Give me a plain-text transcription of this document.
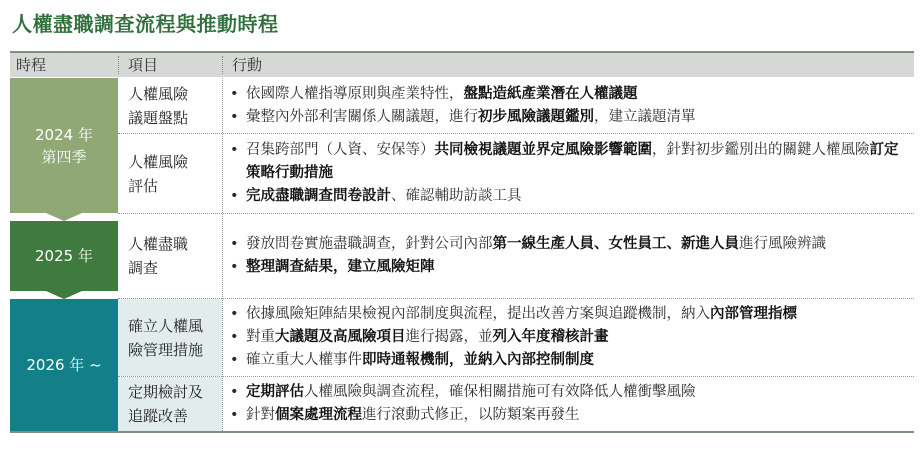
人權盡職調查流程與推動時程
時程	項目	行動
2024 年
第四季
2025 年
2026 年 ~
人權風險
議題盤點
人權風險
評估
人權盡職
調查
確立人權風
險管理措施
定期檢討及
追蹤改善
• 依國際人權指導原則與產業特性，盤點造紙產業潛在人權議題
• 彙整內外部利害關係人關議題，進行初步風險議題鑑別，建立議題清單
• 召集跨部門（人資、安保等）共同檢視議題並界定風險影響範圍，針對初步鑑別出的關鍵人權風險訂定策略行動措施
• 完成盡職調查問卷設計、確認輔助訪談工具
• 發放問卷實施盡職調查，針對公司內部第一線生產人員、女性員工、新進人員進行風險辨識
• 整理調查結果，建立風險矩陣
• 依據風險矩陣結果檢視內部制度與流程，提出改善方案與追蹤機制，納入內部管理指標
• 對重大議題及高風險項目進行揭露，並列入年度稽核計畫
• 確立重大人權事件即時通報機制，並納入內部控制制度
• 定期評估人權風險與調查流程，確保相關措施可有效降低人權衝擊風險
• 針對個案處理流程進行滾動式修正，以防類案再發生
